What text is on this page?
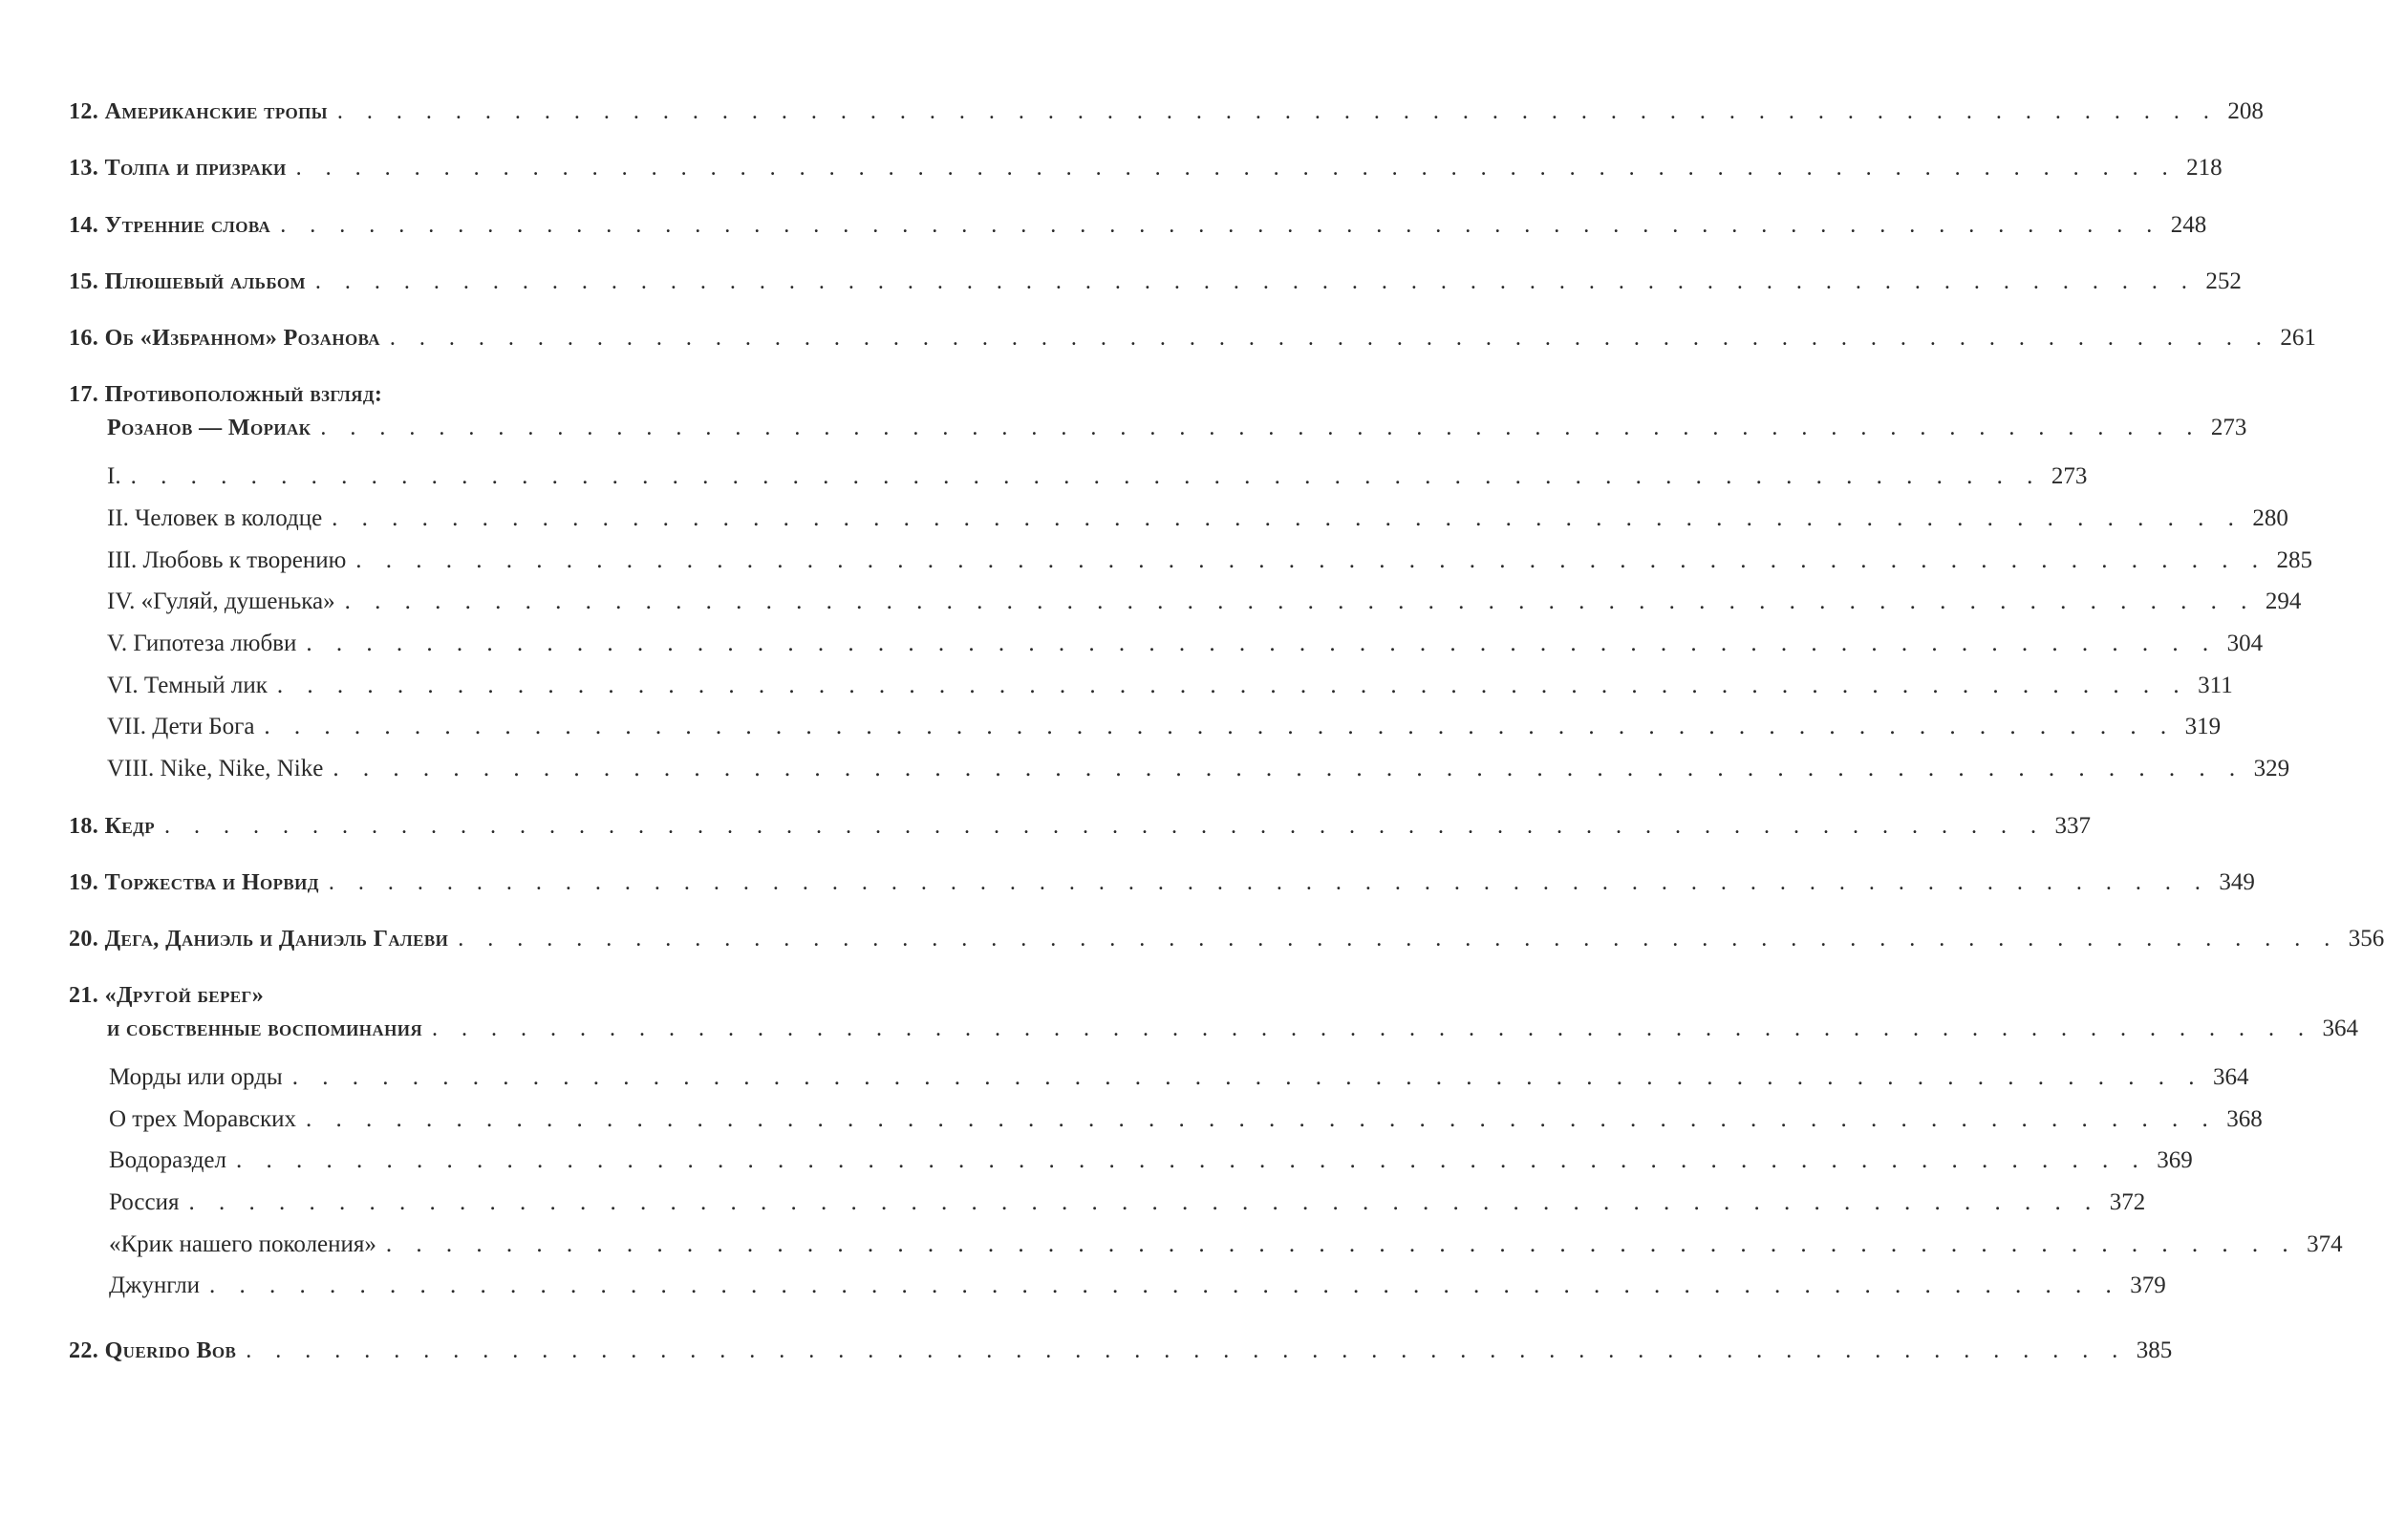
12. Американские тропы . . . . . . . . . . . . . . . . . . . . . . . . . . . . . . . . . . . . . . . . . . . . . . . . . . . . . . . . . . . . . . . . 208
13. Толпа и призраки . . . . . . . . . . . . . . . . . . . . . . . . . . . . . . . . . . . . . . . . . . . . . . . . . . . . . . . . . . . . . . . . 218
14. Утренние слова . . . . . . . . . . . . . . . . . . . . . . . . . . . . . . . . . . . . . . . . . . . . . . . . . . . . . . . . . . . . . . . . 248
15. Плюшевый альбом . . . . . . . . . . . . . . . . . . . . . . . . . . . . . . . . . . . . . . . . . . . . . . . . . . . . . . . . . . . . . . . . 252
16. Об «Избранном» Розанова . . . . . . . . . . . . . . . . . . . . . . . . . . . . . . . . . . . . . . . . . . . . . . . . . . . . . . . . . . . . . . . . 261
17. Противоположный взгляд:
Розанов — Мориак . . . . . . . . . . . . . . . . . . . . . . . . . . . . . . . . . . . . . . . . . . . . . . . . . . . . . . . . . . . . . . . . 273
I. . . . . . . . . . . . . . . . . . . . . . . . . . . . . . . . . . . . . . . . . . . . . . . . . . . . . . . . . . . . . . . . . 273
II. Человек в колодце . . . . . . . . . . . . . . . . . . . . . . . . . . . . . . . . . . . . . . . . . . . . . . . . . . . . . . . . . . . . . . . . 280
III. Любовь к творению . . . . . . . . . . . . . . . . . . . . . . . . . . . . . . . . . . . . . . . . . . . . . . . . . . . . . . . . . . . . . . . . 285
IV. «Гуляй, душенька» . . . . . . . . . . . . . . . . . . . . . . . . . . . . . . . . . . . . . . . . . . . . . . . . . . . . . . . . . . . . . . . . 294
V. Гипотеза любви . . . . . . . . . . . . . . . . . . . . . . . . . . . . . . . . . . . . . . . . . . . . . . . . . . . . . . . . . . . . . . . . 304
VI. Темный лик . . . . . . . . . . . . . . . . . . . . . . . . . . . . . . . . . . . . . . . . . . . . . . . . . . . . . . . . . . . . . . . . 311
VII. Дети Бога . . . . . . . . . . . . . . . . . . . . . . . . . . . . . . . . . . . . . . . . . . . . . . . . . . . . . . . . . . . . . . . . 319
VIII. Nike, Nike, Nike . . . . . . . . . . . . . . . . . . . . . . . . . . . . . . . . . . . . . . . . . . . . . . . . . . . . . . . . . . . . . . . . 329
18. Кедр . . . . . . . . . . . . . . . . . . . . . . . . . . . . . . . . . . . . . . . . . . . . . . . . . . . . . . . . . . . . . . . . 337
19. Торжества и Норвид . . . . . . . . . . . . . . . . . . . . . . . . . . . . . . . . . . . . . . . . . . . . . . . . . . . . . . . . . . . . . . . . 349
20. Дега, Даниэль и Даниэль Галеви . . . . . . . . . . . . . . . . . . . . . . . . . . . . . . . . . . . . . . . . . . . . . . . . . . . . . . . . . . . . . . . . 356
21. «Другой берег»
и собственные воспоминания . . . . . . . . . . . . . . . . . . . . . . . . . . . . . . . . . . . . . . . . . . . . . . . . . . . . . . . . . . . . . . . . 364
Морды или орды . . . . . . . . . . . . . . . . . . . . . . . . . . . . . . . . . . . . . . . . . . . . . . . . . . . . . . . . . . . . . . . . 364
О трех Моравских . . . . . . . . . . . . . . . . . . . . . . . . . . . . . . . . . . . . . . . . . . . . . . . . . . . . . . . . . . . . . . . . 368
Водораздел . . . . . . . . . . . . . . . . . . . . . . . . . . . . . . . . . . . . . . . . . . . . . . . . . . . . . . . . . . . . . . . . 369
Россия . . . . . . . . . . . . . . . . . . . . . . . . . . . . . . . . . . . . . . . . . . . . . . . . . . . . . . . . . . . . . . . . 372
«Крик нашего поколения» . . . . . . . . . . . . . . . . . . . . . . . . . . . . . . . . . . . . . . . . . . . . . . . . . . . . . . . . . . . . . . . . 374
Джунгли . . . . . . . . . . . . . . . . . . . . . . . . . . . . . . . . . . . . . . . . . . . . . . . . . . . . . . . . . . . . . . . . 379
22. Querido Bob . . . . . . . . . . . . . . . . . . . . . . . . . . . . . . . . . . . . . . . . . . . . . . . . . . . . . . . . . . . . . . . . 385
